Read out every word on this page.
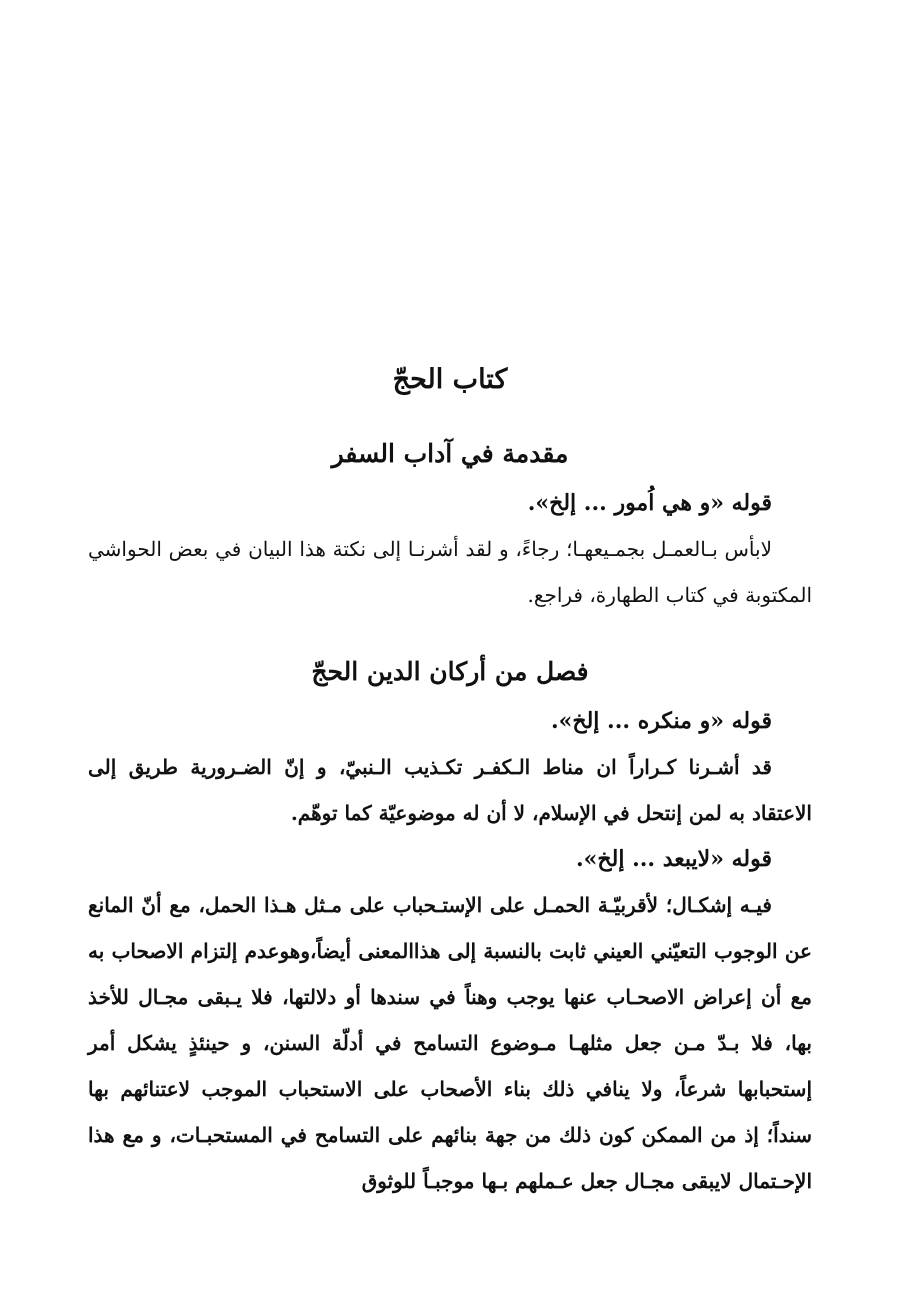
كتاب الحجّ
مقدمة في آداب السفر

قوله «و هي اُمور ... إلخ».

لابأس بـالعمـل بجمـيعهـا؛ رجاءً، و لقد أشرنـا إلى نكتة هذا البيان في بعض الحواشي المكتوبة في كتاب الطهارة، فراجع.

فصل من أركان الدين الحجّ

قوله «و منكره ... إلخ».

قد أشـرنا كـراراً ان مناط الـكفـر تكـذيب الـنبيّ، و إنّ الضـرورية طريق إلى الاعتقاد به لمن إنتحل في الإسلام، لا أن له موضوعيّة كما توهّم.

قوله «لايبعد ... إلخ».

فيـه إشكـال؛ لأقربيّـة الحمـل على الإستـحباب على مـثل هـذا الحمل، مع أنّ المانع عن الوجوب التعيّني العيني ثابت بالنسبة إلى هذاالمعنى أيضاً،وهوعدم إلتزام الاصحاب به مع أن إعراض الاصحـاب عنها يوجب وهناً في سندها أو دلالتها، فلا يـبقى مجـال للأخذ بها، فلا بـدّ مـن جعل مثلهـا مـوضوع التسامح في أدلّة السنن، و حينئذٍ يشكل أمر إستحبابها شرعاً، ولا ينافي ذلك بناء الأصحاب على الاستحباب الموجب لاعتنائهم بها سنداً؛ إذ من الممكن كون ذلك من جهة بنائهم على التسامح في المستحبـات، و مع هذا الإحـتمال لايبقى مجـال جعل عـملهم بـها موجبـاً للوثوق
